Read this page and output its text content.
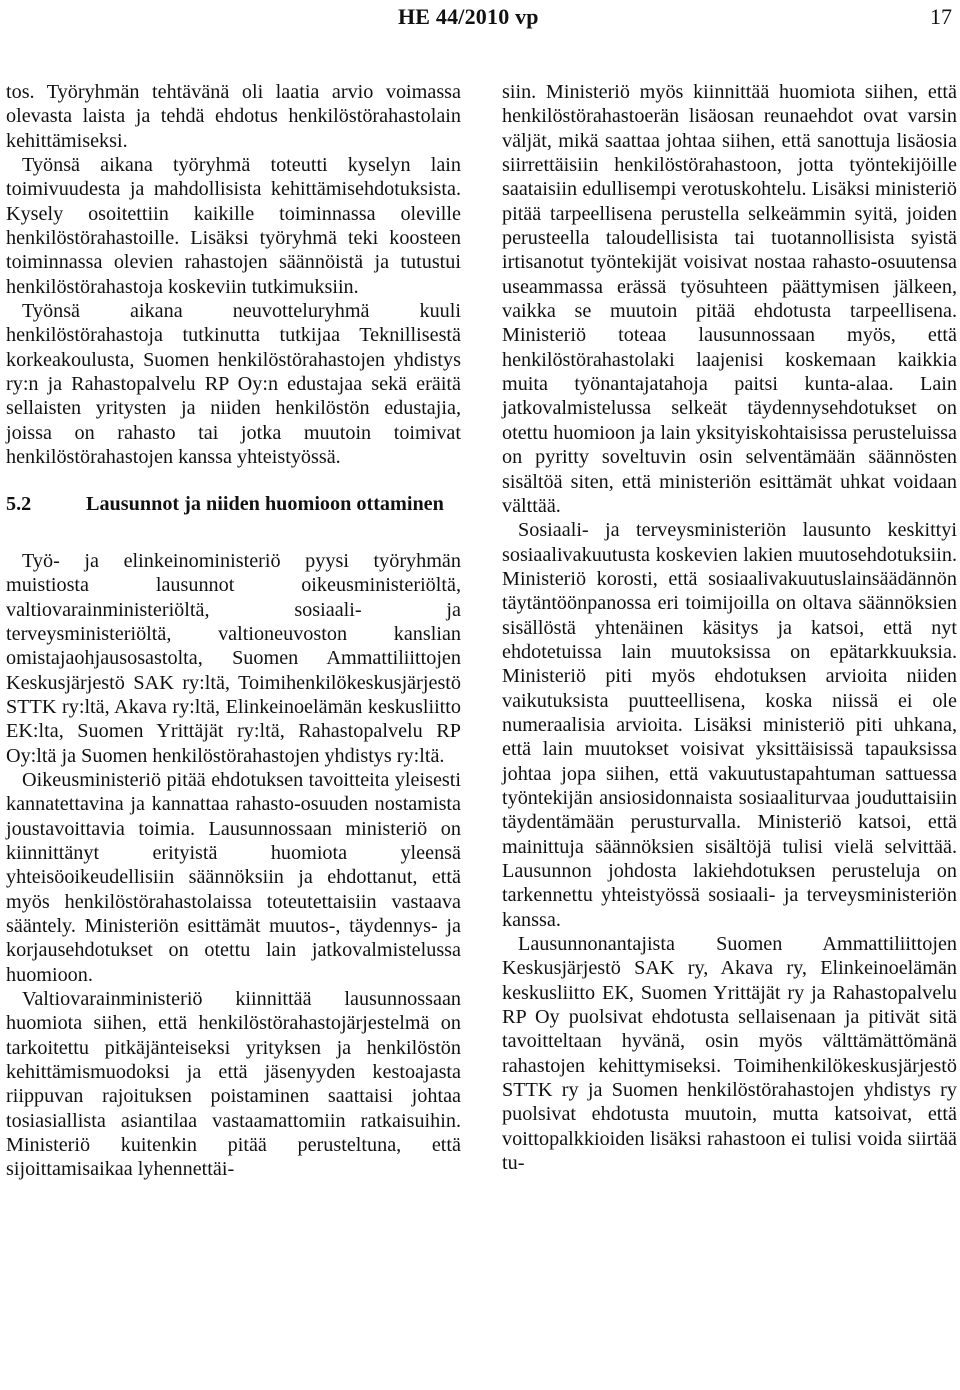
HE 44/2010 vp	17

tos. Työryhmän tehtävänä oli laatia arvio voimassa olevasta laista ja tehdä ehdotus henkilöstörahastolain kehittämiseksi.

Työnsä aikana työryhmä toteutti kyselyn lain toimivuudesta ja mahdollisista kehittämisehdotuksista. Kysely osoitettiin kaikille toiminnassa oleville henkilöstörahastoille. Lisäksi työryhmä teki koosteen toiminnassa olevien rahastojen säännöistä ja tutustui henkilöstörahastoja koskeviin tutkimuksiin.

Työnsä aikana neuvotteluryhmä kuuli henkilöstörahastoja tutkinutta tutkijaa Teknillisestä korkeakoulusta, Suomen henkilöstörahastojen yhdistys ry:n ja Rahastopalvelu RP Oy:n edustajaa sekä eräitä sellaisten yritysten ja niiden henkilöstön edustajia, joissa on rahasto tai jotka muutoin toimivat henkilöstörahastojen kanssa yhteistyössä.

5.2	Lausunnot ja niiden huomioon ottaminen

Työ- ja elinkeinoministeriö pyysi työryhmän muistiosta lausunnot oikeusministeriöltä, valtiovarainministeriöltä, sosiaali- ja terveysministeriöltä, valtioneuvoston kanslian omistajaohjausosastolta, Suomen Ammattiliittojen Keskusjärjestö SAK ry:ltä, Toimihenkilökeskusjärjestö STTK ry:ltä, Akava ry:ltä, Elinkeinoelämän keskusliitto EK:lta, Suomen Yrittäjät ry:ltä, Rahastopalvelu RP Oy:ltä ja Suomen henkilöstörahastojen yhdistys ry:ltä.

Oikeusministeriö pitää ehdotuksen tavoitteita yleisesti kannatettavina ja kannattaa rahasto-osuuden nostamista joustavoittavia toimia. Lausunnossaan ministeriö on kiinnittänyt erityistä huomiota yleensä yhteisöoikeudellisiin säännöksiin ja ehdottanut, että myös henkilöstörahastolaissa toteutettaisiin vastaava sääntely. Ministeriön esittämät muutos-, täydennys- ja korjausehdotukset on otettu lain jatkovalmistelussa huomioon.

Valtiovarainministeriö kiinnittää lausunnossaan huomiota siihen, että henkilöstörahastojärjestelmä on tarkoitettu pitkäjänteiseksi yrityksen ja henkilöstön kehittämismuodoksi ja että jäsenyyden kestoajasta riippuvan rajoituksen poistaminen saattaisi johtaa tosiasiallista asiantilaa vastaamattomiin ratkaisuihin. Ministeriö kuitenkin pitää perusteltuna, että sijoittamisaikaa lyhennettäi-

siin. Ministeriö myös kiinnittää huomiota siihen, että henkilöstörahastoerän lisäosan reunaehdot ovat varsin väljät, mikä saattaa johtaa siihen, että sanottuja lisäosia siirrettäisiin henkilöstörahastoon, jotta työntekijöille saataisiin edullisempi verotuskohtelu. Lisäksi ministeriö pitää tarpeellisena perustella selkeämmin syitä, joiden perusteella taloudellisista tai tuotannollisista syistä irtisanotut työntekijät voisivat nostaa rahasto-osuutensa useammassa erässä työsuhteen päättymisen jälkeen, vaikka se muutoin pitää ehdotusta tarpeellisena. Ministeriö toteaa lausunnossaan myös, että henkilöstörahastolaki laajenisi koskemaan kaikkia muita työnantajatahoja paitsi kunta-alaa. Lain jatkovalmistelussa selkeät täydennysehdotukset on otettu huomioon ja lain yksityiskohtaisissa perusteluissa on pyritty soveltuvin osin selventämään säännösten sisältöä siten, että ministeriön esittämät uhkat voidaan välttää.

Sosiaali- ja terveysministeriön lausunto keskittyi sosiaalivakuutusta koskevien lakien muutosehdotuksiin. Ministeriö korosti, että sosiaalivakuutuslainsäädännön täytäntöönpanossa eri toimijoilla on oltava säännöksien sisällöstä yhtenäinen käsitys ja katsoi, että nyt ehdotetuissa lain muutoksissa on epätarkkuuksia. Ministeriö piti myös ehdotuksen arvioita niiden vaikutuksista puutteellisena, koska niissä ei ole numeraalisia arvioita. Lisäksi ministeriö piti uhkana, että lain muutokset voisivat yksittäisissä tapauksissa johtaa jopa siihen, että vakuutustapahtuman sattuessa työntekijän ansiosidonnaista sosiaaliturvaa jouduttaisiin täydentämään perusturvalla. Ministeriö katsoi, että mainittuja säännöksien sisältöjä tulisi vielä selvittää. Lausunnon johdosta lakiehdotuksen perusteluja on tarkennettu yhteistyössä sosiaali- ja terveysministeriön kanssa.

Lausunnonantajista Suomen Ammattiliittojen Keskusjärjestö SAK ry, Akava ry, Elinkeinoelämän keskusliitto EK, Suomen Yrittäjät ry ja Rahastopalvelu RP Oy puolsivat ehdotusta sellaisenaan ja pitivät sitä tavoitteltaan hyvänä, osin myös välttämättömänä rahastojen kehittymiseksi. Toimihenkilökeskusjärjestö STTK ry ja Suomen henkilöstörahastojen yhdistys ry puolsivat ehdotusta muutoin, mutta katsoivat, että voittopalkkioiden lisäksi rahastoon ei tulisi voida siirtää tu-
